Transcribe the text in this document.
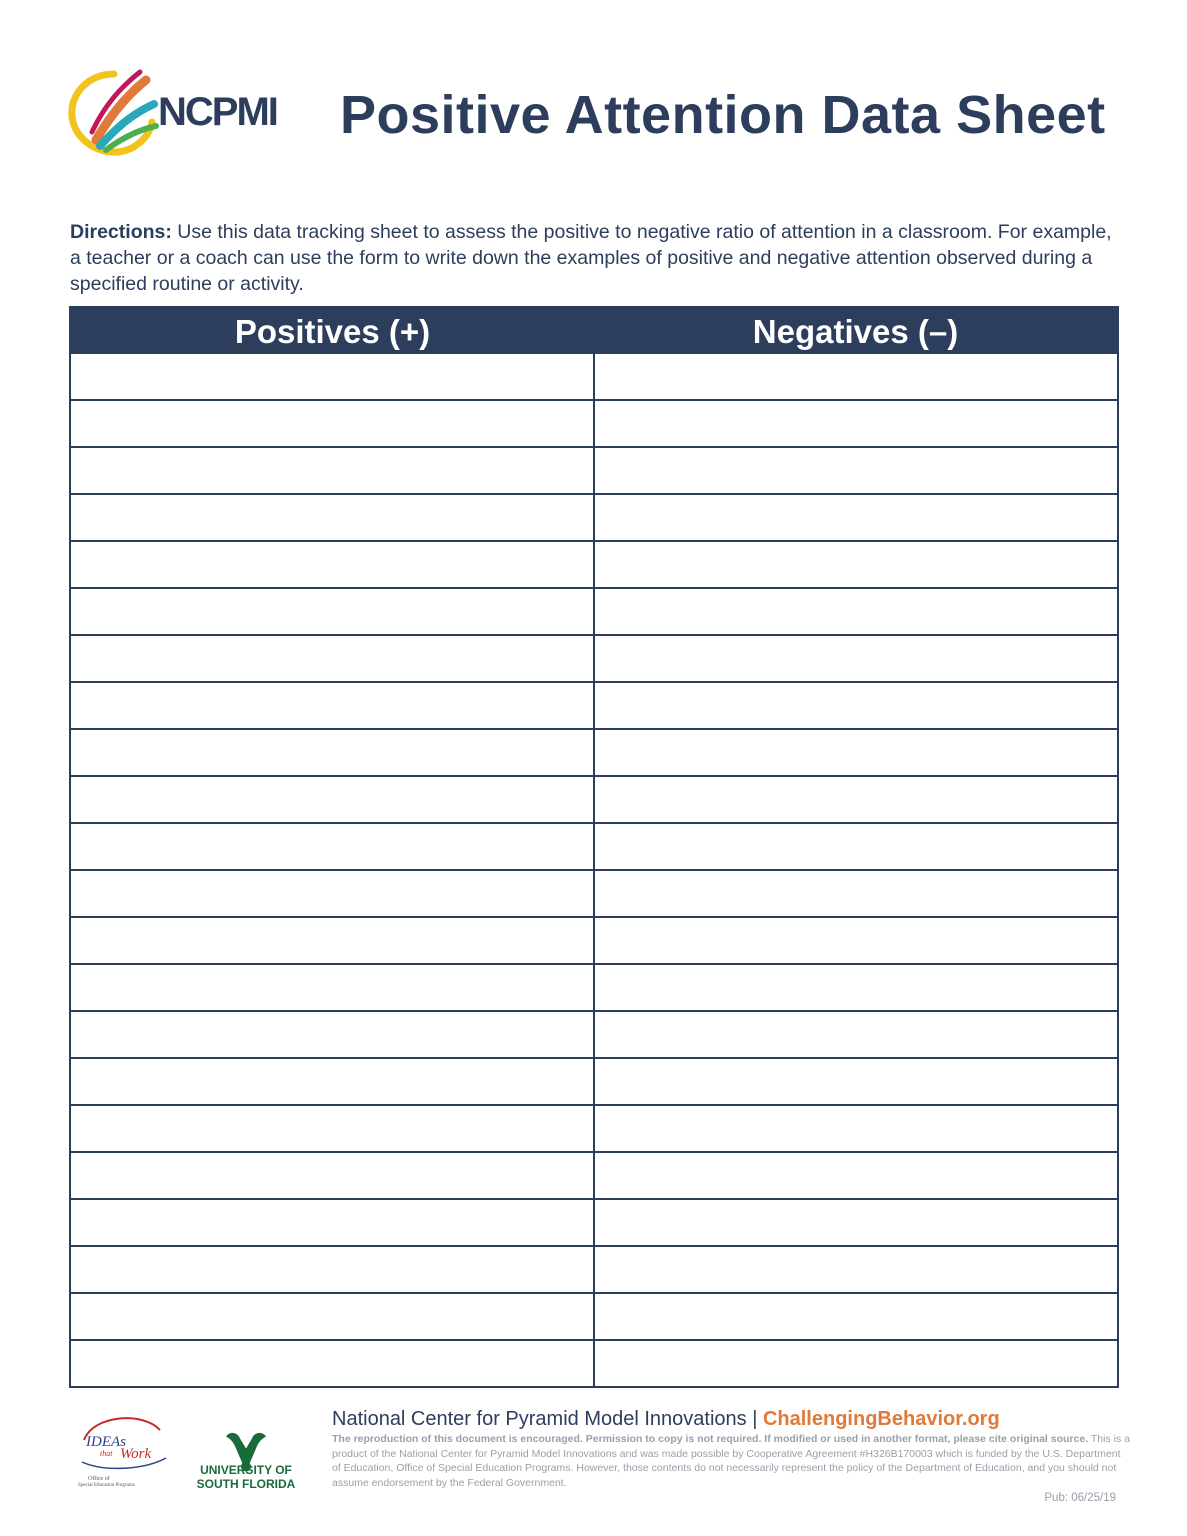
NCPMI Positive Attention Data Sheet
Directions: Use this data tracking sheet to assess the positive to negative ratio of attention in a classroom. For example, a teacher or a coach can use the form to write down the examples of positive and negative attention observed during a specified routine or activity.
Positives (+)	Negatives (–)
IDEAs
Work
that
Office of
Special Education Programs
UNIVERSITY OF
SOUTH FLORIDA
National Center for Pyramid Model Innovations | ChallengingBehavior.org
The reproduction of this document is encouraged. Permission to copy is not required. If modified or used in another format, please cite original source. This is a product of the National Center for Pyramid Model Innovations and was made possible by Cooperative Agreement #H326B170003 which is funded by the U.S. Department of Education, Office of Special Education Programs. However, those contents do not necessarily represent the policy of the Department of Education, and you should not assume endorsement by the Federal Government.
Pub: 06/25/19
